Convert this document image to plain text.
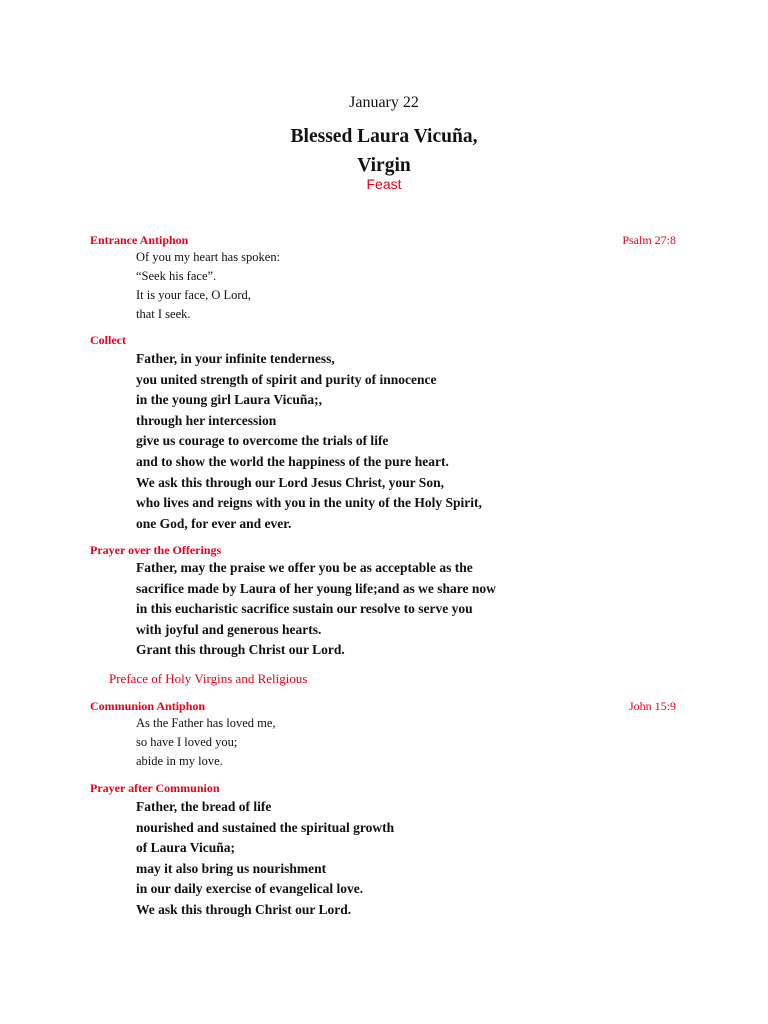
January 22
Blessed Laura Vicuña,
Virgin
Feast
Entrance Antiphon	Psalm 27:8
Of you my heart has spoken:
“Seek his face”.
It is your face, O Lord,
that I seek.
Collect
Father, in your infinite tenderness,
you united strength of spirit and purity of innocence
in the young girl Laura Vicuña;,
through her intercession
give us courage to overcome the trials of life
and to show the world the happiness of the pure heart.
We ask this through our Lord Jesus Christ, your Son,
who lives and reigns with you in the unity of the Holy Spirit,
one God, for ever and ever.
Prayer over the Offerings
Father, may the praise we offer you be as acceptable as the
sacrifice made by Laura of her young life;and as we share now
in this eucharistic sacrifice sustain our resolve to serve you
with joyful and generous hearts.
Grant this through Christ our Lord.
Preface of Holy Virgins and Religious
Communion Antiphon	John 15:9
As the Father has loved me,
so have I loved you;
abide in my love.
Prayer after Communion
Father, the bread of life
nourished and sustained the spiritual growth
of Laura Vicuña;
may it also bring us nourishment
in our daily exercise of evangelical love.
We ask this through Christ our Lord.
